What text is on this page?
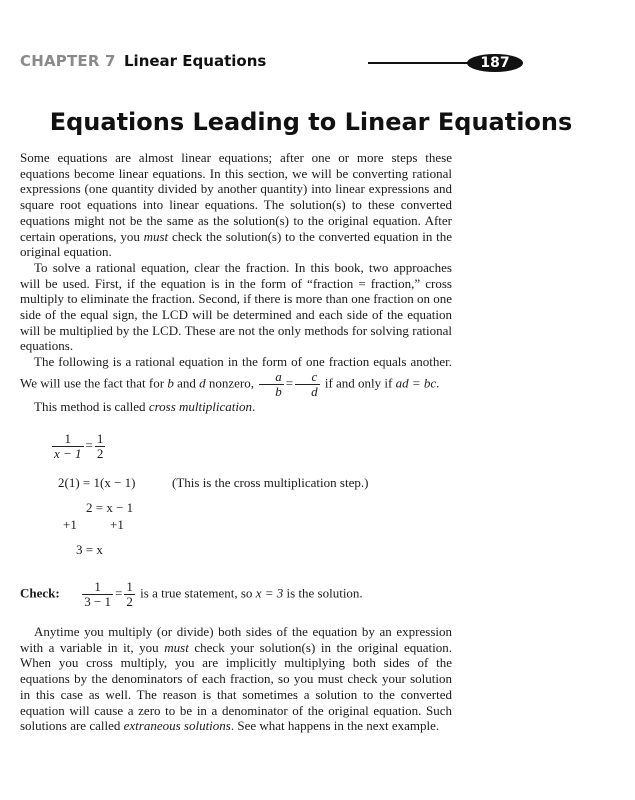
CHAPTER 7 Linear Equations	187
Equations Leading to Linear Equations

Some equations are almost linear equations; after one or more steps these equations become linear equations. In this section, we will be converting rational expressions (one quantity divided by another quantity) into linear expressions and square root equations into linear equations. The solution(s) to these converted equations might not be the same as the solution(s) to the original equation. After certain operations, you must check the solution(s) to the converted equation in the original equation.

To solve a rational equation, clear the fraction. In this book, two approaches will be used. First, if the equation is in the form of “fraction = fraction,” cross multiply to eliminate the fraction. Second, if there is more than one fraction on one side of the equal sign, the LCD will be determined and each side of the equation will be multiplied by the LCD. These are not the only methods for solving rational equations.

The following is a rational equation in the form of one fraction equals another. We will use the fact that for b and d nonzero, $\frac{a}{b} = \frac{c}{d}$ if and only if ad = bc.

This method is called cross multiplication.

$\frac{1}{x - 1} = \frac{1}{2}$
2(1) = 1(x − 1)	(This is the cross multiplication step.)
2 = x − 1
+1	+1
3 = x
Check: $\frac{1}{3 - 1} = \frac{1}{2}$ is a true statement, so x = 3 is the solution.

Anytime you multiply (or divide) both sides of the equation by an expression with a variable in it, you must check your solution(s) in the original equation. When you cross multiply, you are implicitly multiplying both sides of the equations by the denominators of each fraction, so you must check your solution in this case as well. The reason is that sometimes a solution to the converted equation will cause a zero to be in a denominator of the original equation. Such solutions are called extraneous solutions. See what happens in the next example.
